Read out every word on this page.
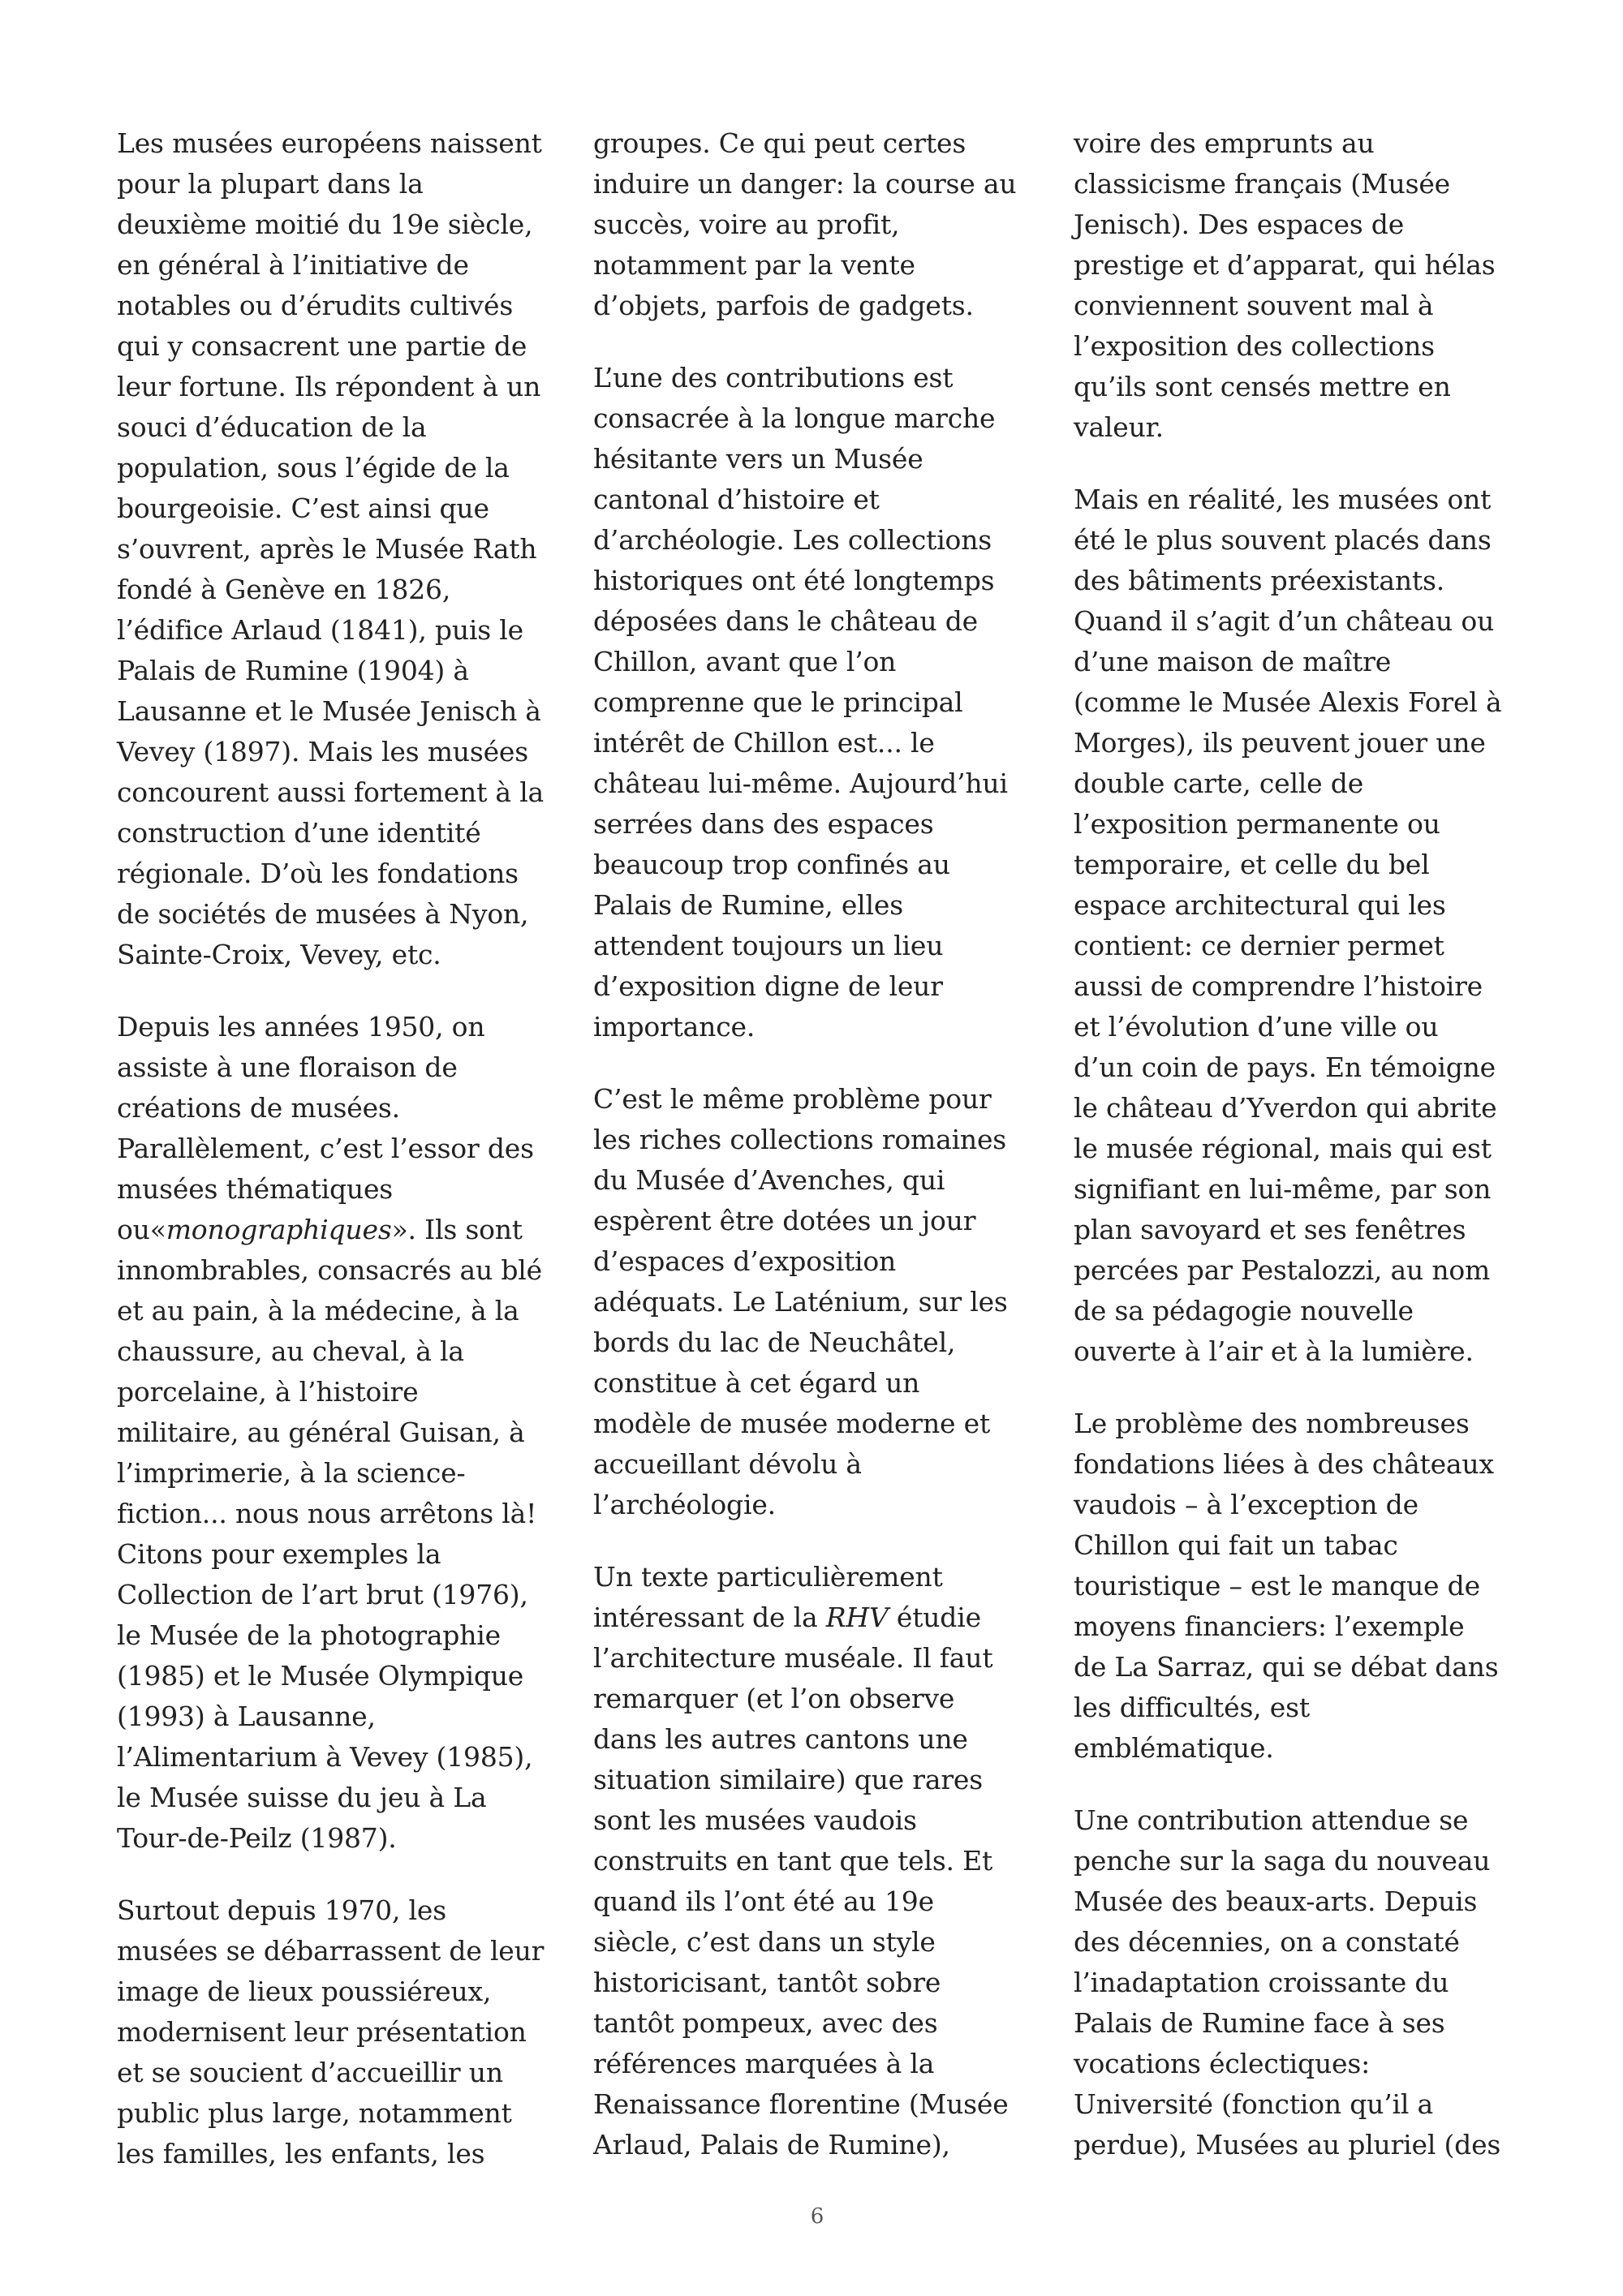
Les musées européens naissent
pour la plupart dans la
deuxième moitié du 19e siècle,
en général à l’initiative de
notables ou d’érudits cultivés
qui y consacrent une partie de
leur fortune. Ils répondent à un
souci d’éducation de la
population, sous l’égide de la
bourgeoisie. C’est ainsi que
s’ouvrent, après le Musée Rath
fondé à Genève en 1826,
l’édifice Arlaud (1841), puis le
Palais de Rumine (1904) à
Lausanne et le Musée Jenisch à
Vevey (1897). Mais les musées
concourent aussi fortement à la
construction d’une identité
régionale. D’où les fondations
de sociétés de musées à Nyon,
Sainte-Croix, Vevey, etc.

Depuis les années 1950, on
assiste à une floraison de
créations de musées.
Parallèlement, c’est l’essor des
musées thématiques
ou«monographiques». Ils sont
innombrables, consacrés au blé
et au pain, à la médecine, à la
chaussure, au cheval, à la
porcelaine, à l’histoire
militaire, au général Guisan, à
l’imprimerie, à la science-
fiction... nous nous arrêtons là!
Citons pour exemples la
Collection de l’art brut (1976),
le Musée de la photographie
(1985) et le Musée Olympique
(1993) à Lausanne,
l’Alimentarium à Vevey (1985),
le Musée suisse du jeu à La
Tour-de-Peilz (1987).

Surtout depuis 1970, les
musées se débarrassent de leur
image de lieux poussiéreux,
modernisent leur présentation
et se soucient d’accueillir un
public plus large, notamment
les familles, les enfants, les

groupes. Ce qui peut certes
induire un danger: la course au
succès, voire au profit,
notamment par la vente
d’objets, parfois de gadgets.

L’une des contributions est
consacrée à la longue marche
hésitante vers un Musée
cantonal d’histoire et
d’archéologie. Les collections
historiques ont été longtemps
déposées dans le château de
Chillon, avant que l’on
comprenne que le principal
intérêt de Chillon est... le
château lui-même. Aujourd’hui
serrées dans des espaces
beaucoup trop confinés au
Palais de Rumine, elles
attendent toujours un lieu
d’exposition digne de leur
importance.

C’est le même problème pour
les riches collections romaines
du Musée d’Avenches, qui
espèrent être dotées un jour
d’espaces d’exposition
adéquats. Le Laténium, sur les
bords du lac de Neuchâtel,
constitue à cet égard un
modèle de musée moderne et
accueillant dévolu à
l’archéologie.

Un texte particulièrement
intéressant de la RHV étudie
l’architecture muséale. Il faut
remarquer (et l’on observe
dans les autres cantons une
situation similaire) que rares
sont les musées vaudois
construits en tant que tels. Et
quand ils l’ont été au 19e
siècle, c’est dans un style
historicisant, tantôt sobre
tantôt pompeux, avec des
références marquées à la
Renaissance florentine (Musée
Arlaud, Palais de Rumine),

voire des emprunts au
classicisme français (Musée
Jenisch). Des espaces de
prestige et d’apparat, qui hélas
conviennent souvent mal à
l’exposition des collections
qu’ils sont censés mettre en
valeur.

Mais en réalité, les musées ont
été le plus souvent placés dans
des bâtiments préexistants.
Quand il s’agit d’un château ou
d’une maison de maître
(comme le Musée Alexis Forel à
Morges), ils peuvent jouer une
double carte, celle de
l’exposition permanente ou
temporaire, et celle du bel
espace architectural qui les
contient: ce dernier permet
aussi de comprendre l’histoire
et l’évolution d’une ville ou
d’un coin de pays. En témoigne
le château d’Yverdon qui abrite
le musée régional, mais qui est
signifiant en lui-même, par son
plan savoyard et ses fenêtres
percées par Pestalozzi, au nom
de sa pédagogie nouvelle
ouverte à l’air et à la lumière.

Le problème des nombreuses
fondations liées à des châteaux
vaudois – à l’exception de
Chillon qui fait un tabac
touristique – est le manque de
moyens financiers: l’exemple
de La Sarraz, qui se débat dans
les difficultés, est
emblématique.

Une contribution attendue se
penche sur la saga du nouveau
Musée des beaux-arts. Depuis
des décennies, on a constaté
l’inadaptation croissante du
Palais de Rumine face à ses
vocations éclectiques:
Université (fonction qu’il a
perdue), Musées au pluriel (des

6
